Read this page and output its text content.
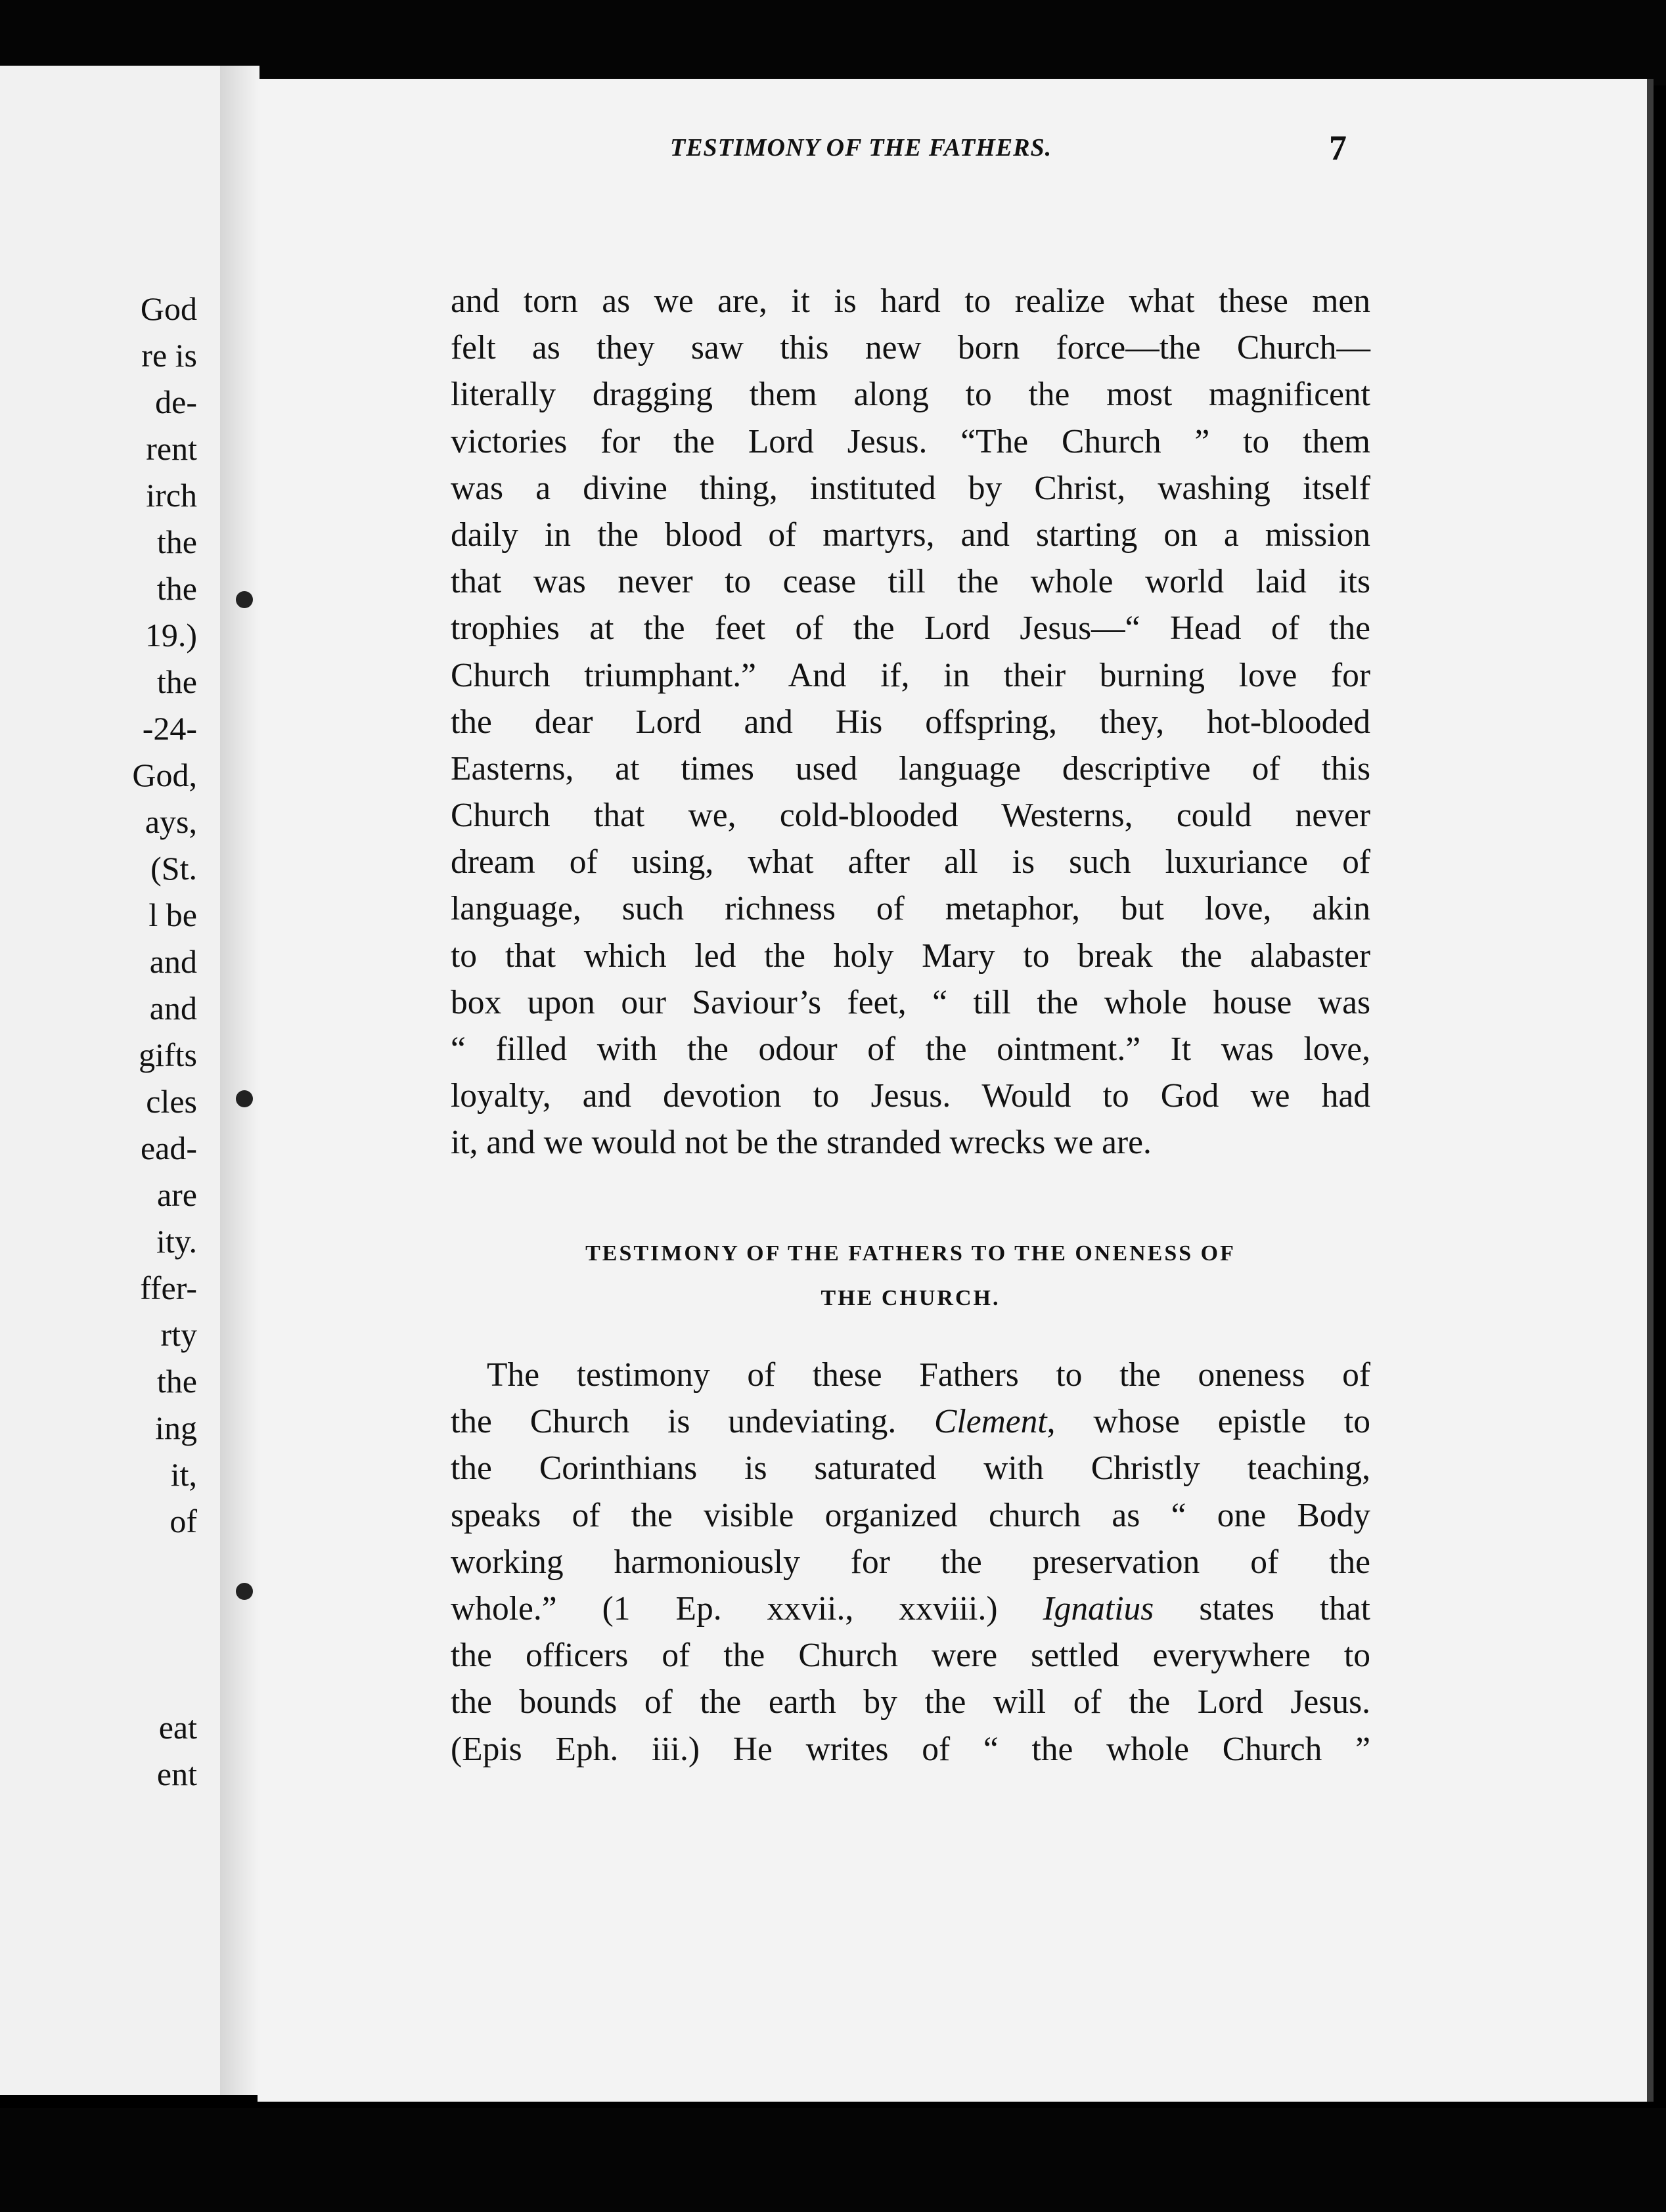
God
re is
de-
rent
irch
the
the
19.)
the
-24-
God,
ays,
(St.
l be
and
and
gifts
cles
ead-
are
ity.
ffer-
rty
the
ing
it,
of
eat
ent
TESTIMONY OF THE FATHERS.	7
and torn as we are, it is hard to realize what these men
felt as they saw this new born force—the Church—
literally dragging them along to the most magnificent
victories for the Lord Jesus. “The Church ” to them
was a divine thing, instituted by Christ, washing itself
daily in the blood of martyrs, and starting on a mission
that was never to cease till the whole world laid its
trophies at the feet of the Lord Jesus—“ Head of the
Church triumphant.” And if, in their burning love for
the dear Lord and His offspring, they, hot-blooded
Easterns, at times used language descriptive of this
Church that we, cold-blooded Westerns, could never
dream of using, what after all is such luxuriance of
language, such richness of metaphor, but love, akin
to that which led the holy Mary to break the alabaster
box upon our Saviour’s feet, “ till the whole house was
“ filled with the odour of the ointment.” It was love,
loyalty, and devotion to Jesus. Would to God we had
it, and we would not be the stranded wrecks we are.
TESTIMONY OF THE FATHERS TO THE ONENESS OF
THE CHURCH.
The testimony of these Fathers to the oneness of
the Church is undeviating. Clement, whose epistle to
the Corinthians is saturated with Christly teaching,
speaks of the visible organized church as “ one Body
working harmoniously for the preservation of the
whole.” (1 Ep. xxvii., xxviii.) Ignatius states that
the officers of the Church were settled everywhere to
the bounds of the earth by the will of the Lord Jesus.
(Epis Eph. iii.) He writes of “ the whole Church ”
